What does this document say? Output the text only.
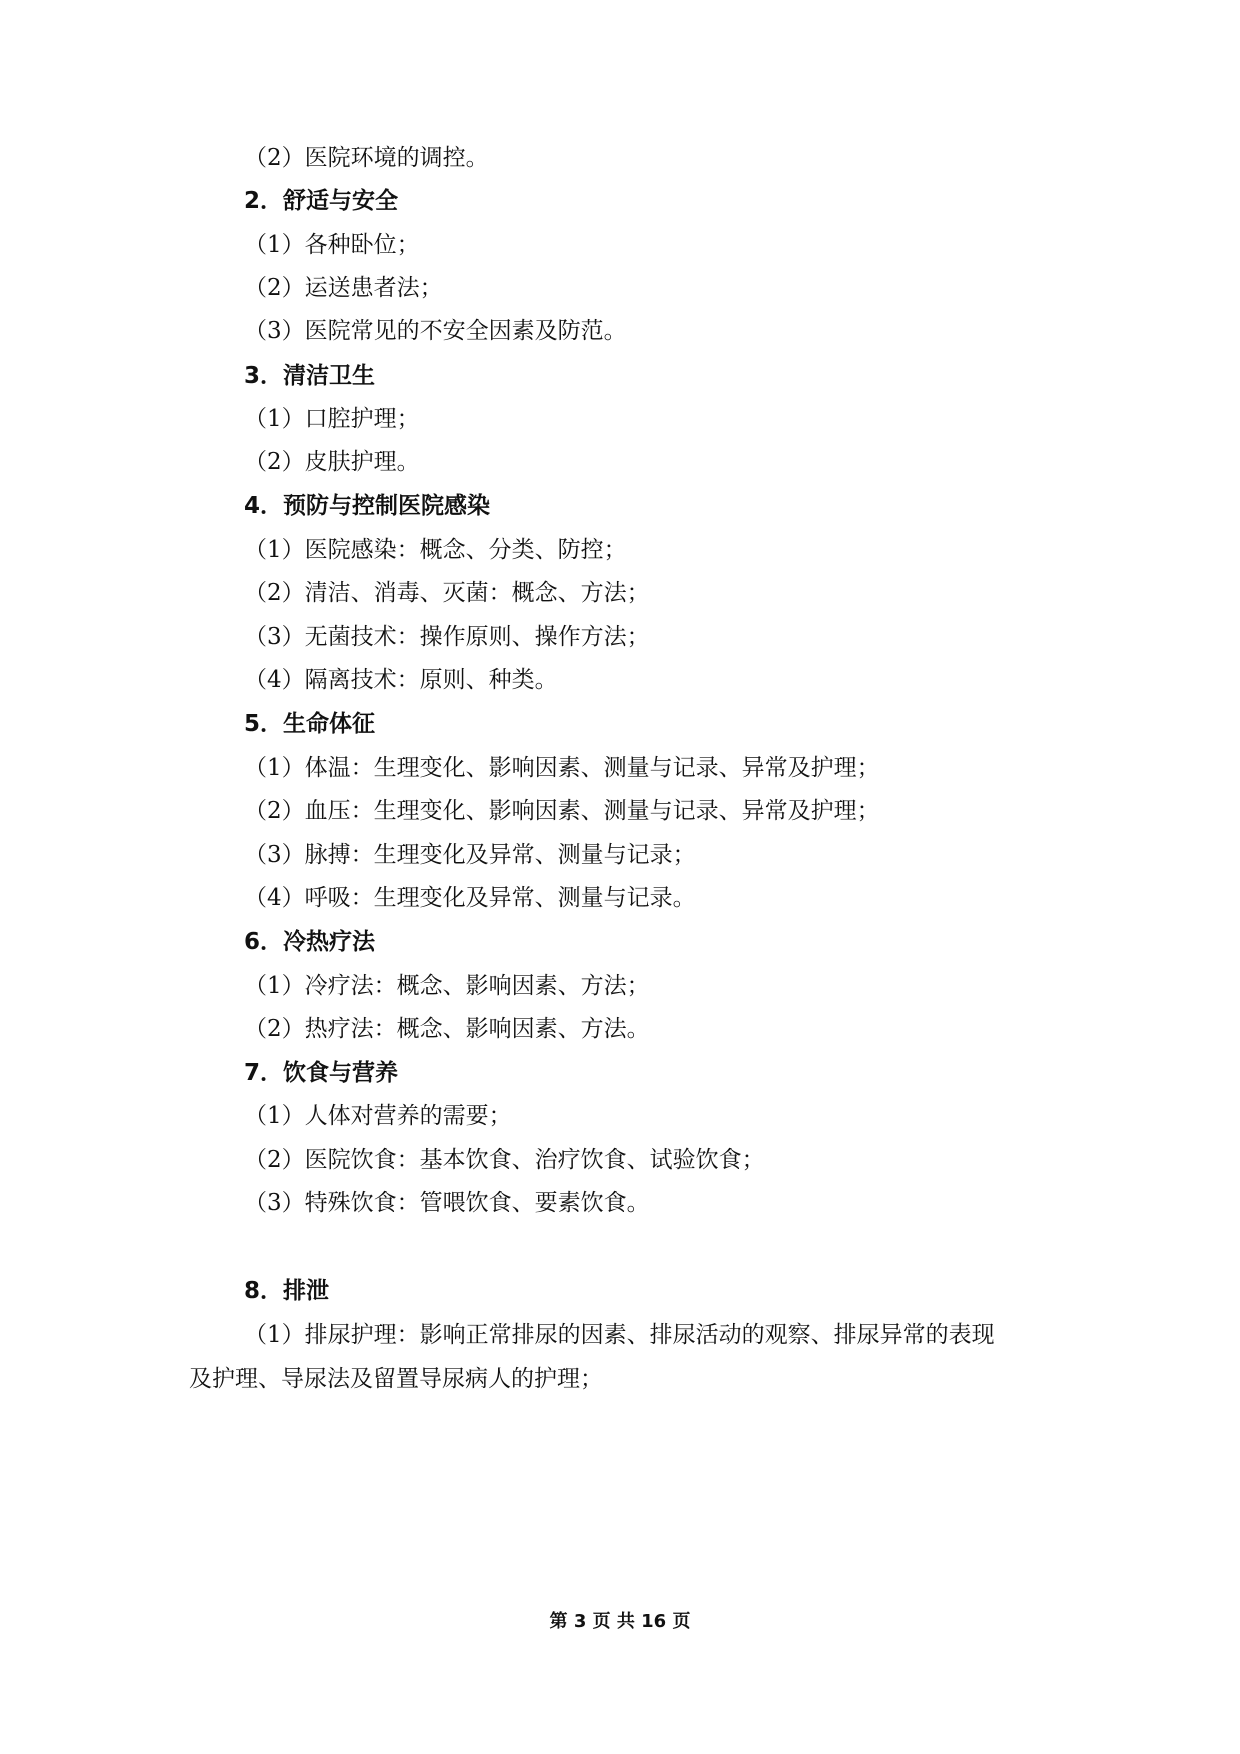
（2）医院环境的调控。
2．舒适与安全
（1）各种卧位；
（2）运送患者法；
（3）医院常见的不安全因素及防范。
3．清洁卫生
（1）口腔护理；
（2）皮肤护理。
4．预防与控制医院感染
（1）医院感染：概念、分类、防控；
（2）清洁、消毒、灭菌：概念、方法；
（3）无菌技术：操作原则、操作方法；
（4）隔离技术：原则、种类。
5．生命体征
（1）体温：生理变化、影响因素、测量与记录、异常及护理；
（2）血压：生理变化、影响因素、测量与记录、异常及护理；
（3）脉搏：生理变化及异常、测量与记录；
（4）呼吸：生理变化及异常、测量与记录。
6．冷热疗法
（1）冷疗法：概念、影响因素、方法；
（2）热疗法：概念、影响因素、方法。
7．饮食与营养
（1）人体对营养的需要；
（2）医院饮食：基本饮食、治疗饮食、试验饮食；
（3）特殊饮食：管喂饮食、要素饮食。
8．排泄
（1）排尿护理：影响正常排尿的因素、排尿活动的观察、排尿异常的表现
及护理、导尿法及留置导尿病人的护理；
第 3 页 共 16 页
